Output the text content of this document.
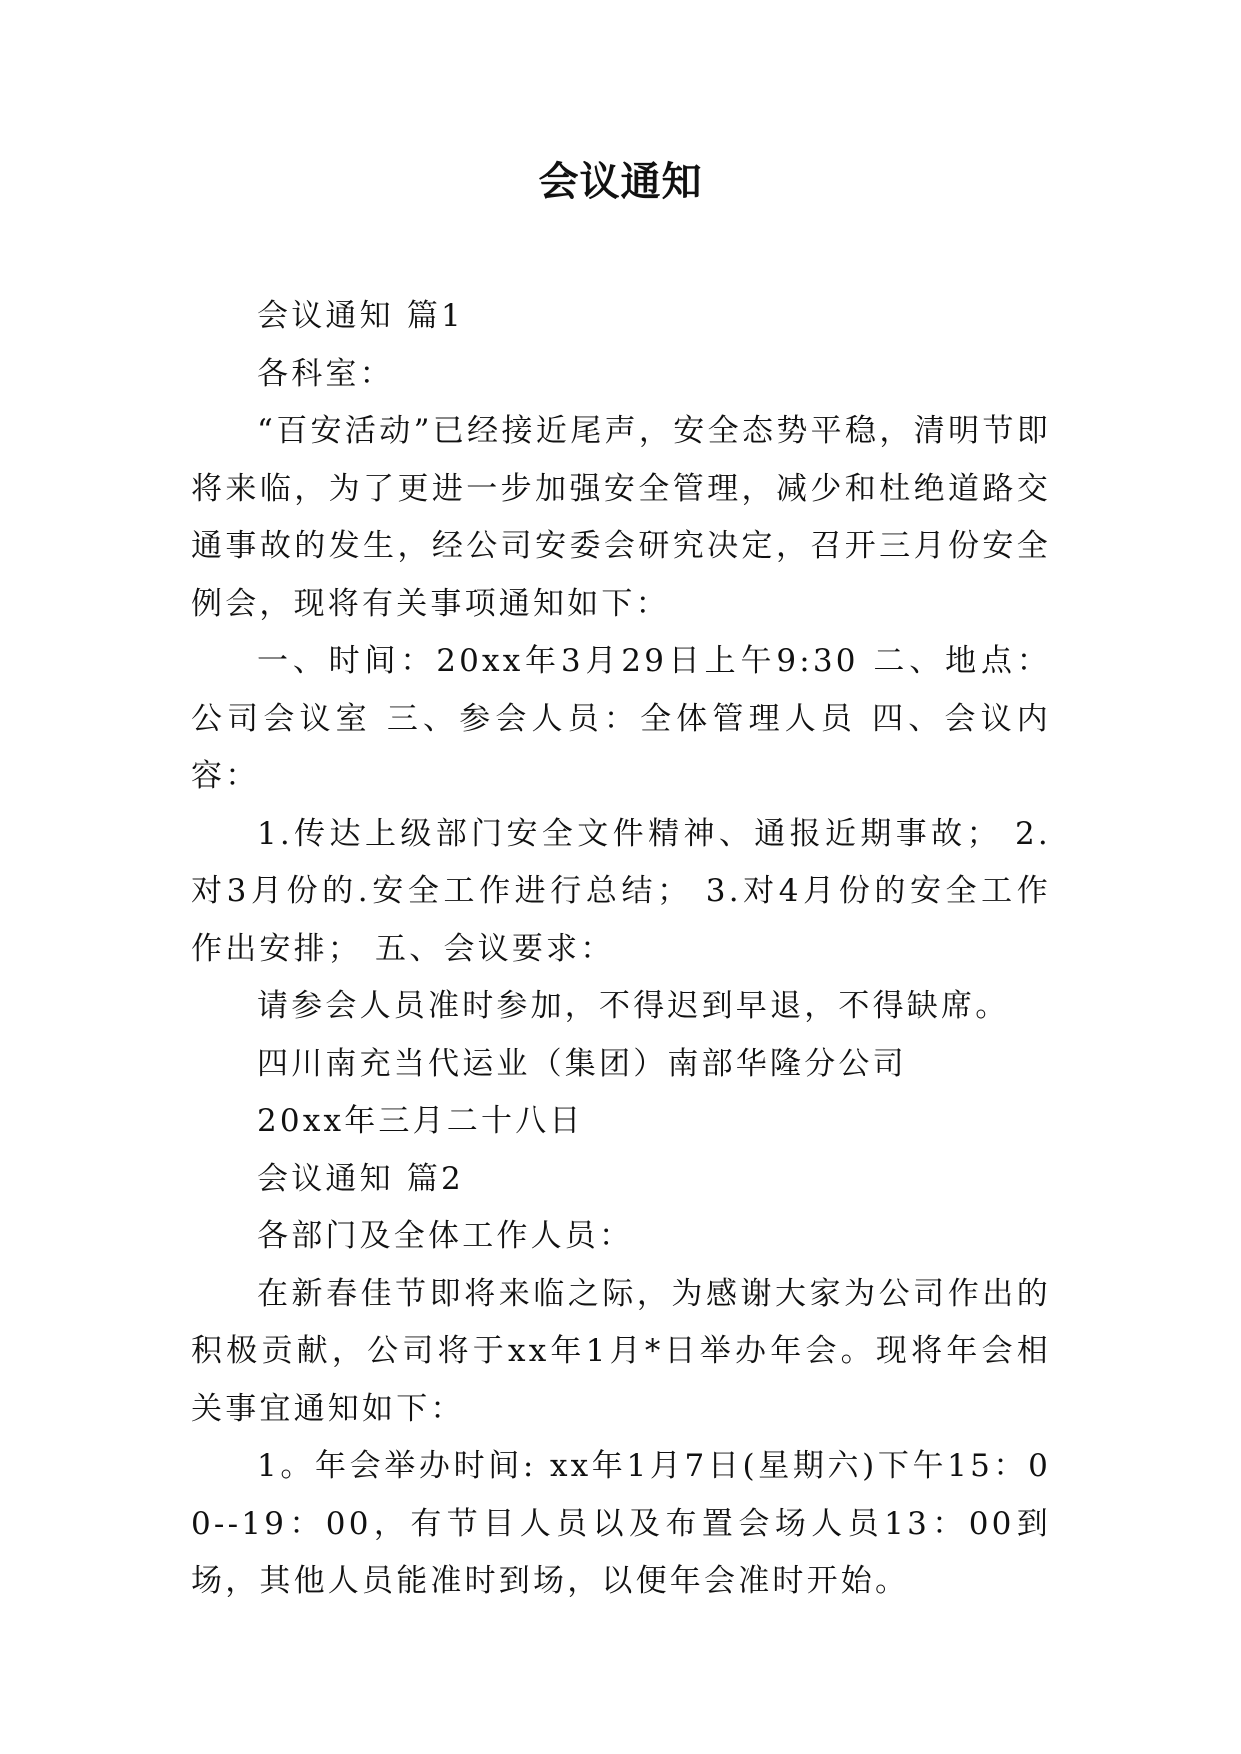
会议通知

会议通知 篇1

各科室：

“百安活动”已经接近尾声，安全态势平稳，清明节即将来临，为了更进一步加强安全管理，减少和杜绝道路交通事故的发生，经公司安委会研究决定，召开三月份安全例会，现将有关事项通知如下：

一、时间：20xx年3月29日上午9:30 二、地点：公司会议室 三、参会人员：全体管理人员 四、会议内容：

1.传达上级部门安全文件精神、通报近期事故； 2.对3月份的.安全工作进行总结； 3.对4月份的安全工作作出安排； 五、会议要求：

请参会人员准时参加，不得迟到早退，不得缺席。

四川南充当代运业（集团）南部华隆分公司

20xx年三月二十八日

会议通知 篇2

各部门及全体工作人员：

在新春佳节即将来临之际，为感谢大家为公司作出的积极贡献，公司将于xx年1月*日举办年会。现将年会相关事宜通知如下：

1。年会举办时间: xx年1月7日(星期六)下午15：00--19：00，有节目人员以及布置会场人员13：00到场，其他人员能准时到场，以便年会准时开始。
